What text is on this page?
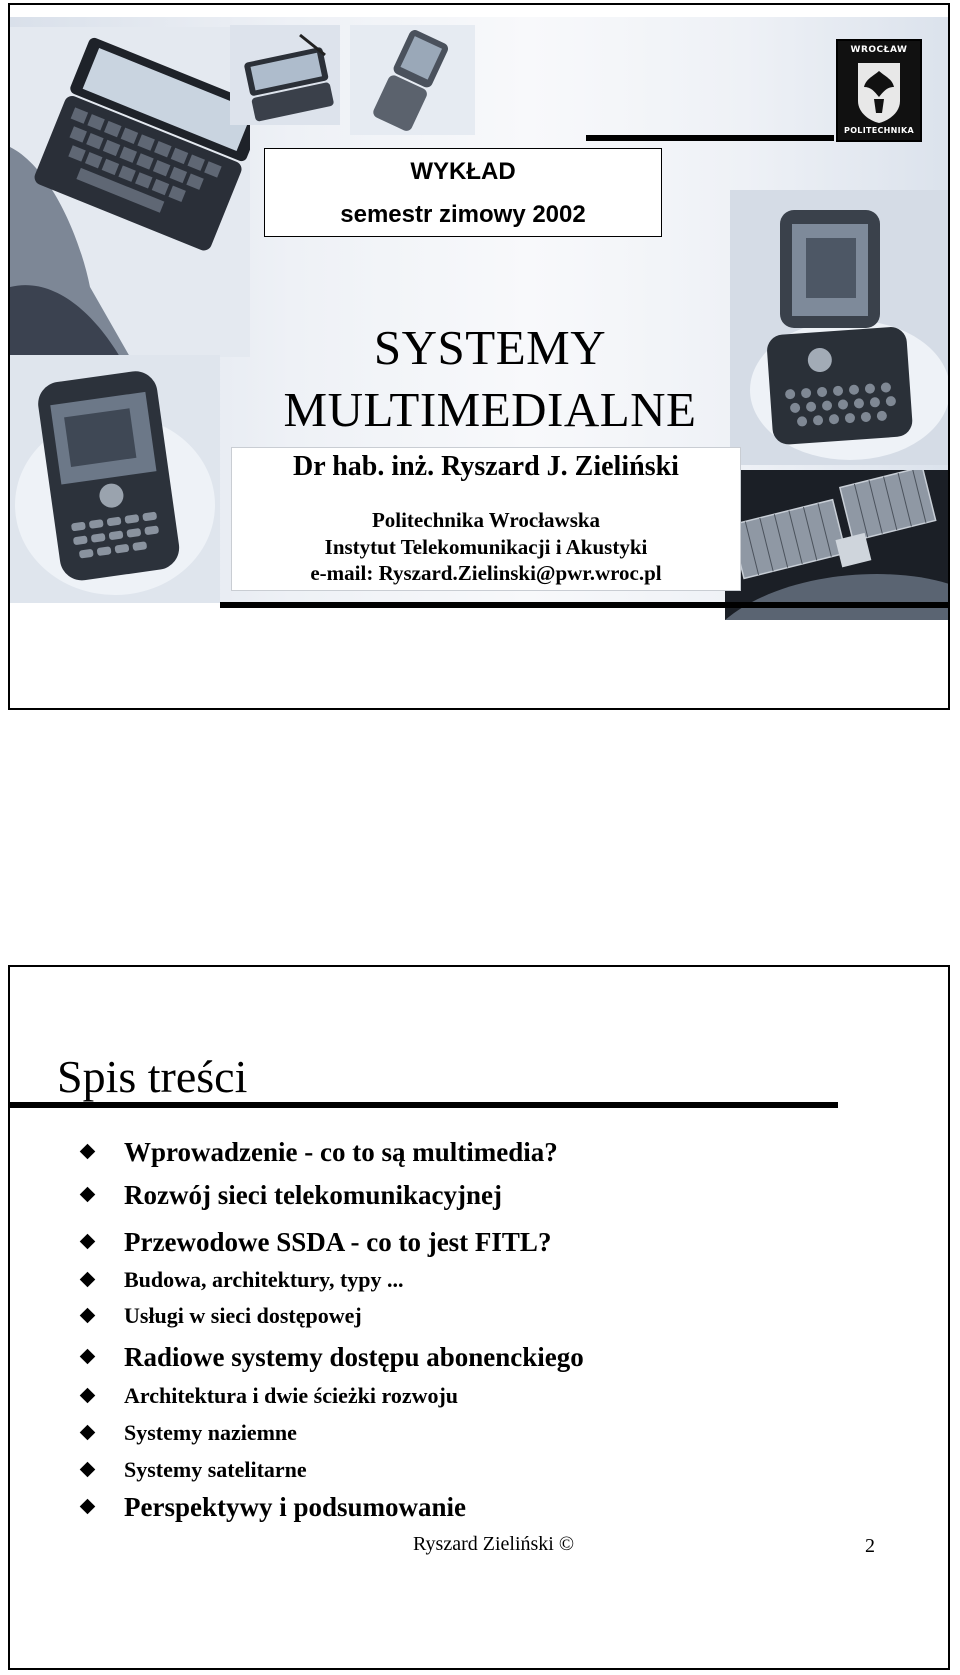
WROCŁAW
POLITECHNIKA
WYKŁAD
semestr zimowy 2002
SYSTEMY
MULTIMEDIALNE
Dr hab. inż. Ryszard J. Zieliński
Politechnika Wrocławska
Instytut Telekomunikacji i Akustyki
e-mail: Ryszard.Zielinski@pwr.wroc.pl
Spis treści
Wprowadzenie - co to są multimedia?
Rozwój sieci telekomunikacyjnej
Przewodowe SSDA - co to jest FITL?
Budowa, architektury, typy ...
Usługi w sieci dostępowej
Radiowe systemy dostępu abonenckiego
Architektura i dwie ścieżki rozwoju
Systemy naziemne
Systemy satelitarne
Perspektywy i podsumowanie
Ryszard Zieliński ©	2
